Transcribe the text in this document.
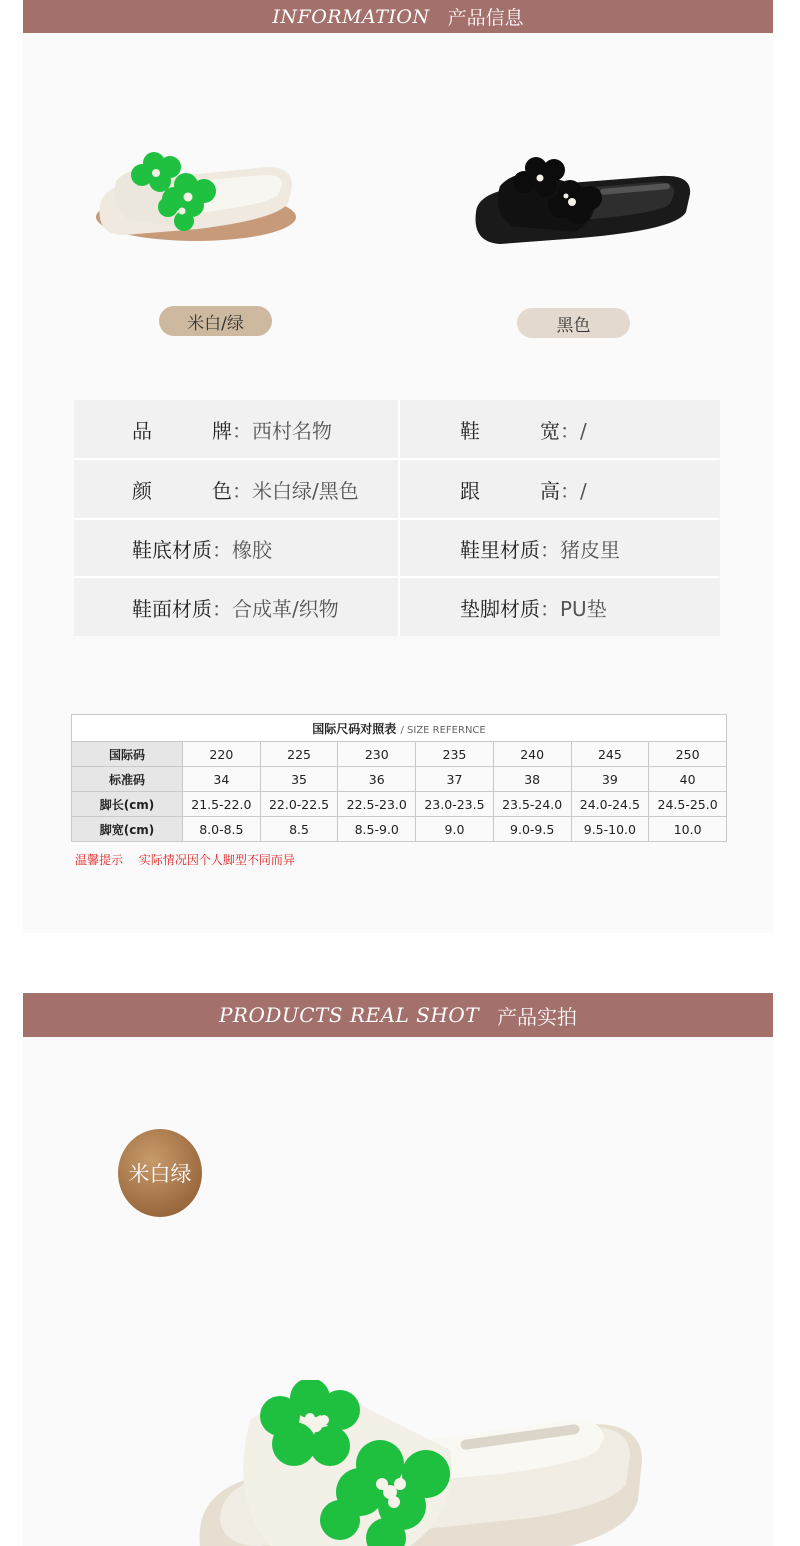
INFORMATION 产品信息
米白/绿	黑色
品	牌 ：西村名物	鞋	宽 ：/
颜	色 ：米白绿/黑色	跟	高 ：/
鞋底材质 ：橡胶	鞋里材质 ：猪皮里
鞋面材质 ：合成革/织物	垫脚材质 ：PU垫
国际尺码对照表 / SIZE REFERNCE							
国际码	220	225	230	235	240	245	250
标准码	34	35	36	37	38	39	40
脚长(cm)	21.5-22.0	22.0-22.5	22.5-23.0	23.0-23.5	23.5-24.0	24.0-24.5	24.5-25.0
脚宽(cm)	8.0-8.5	8.5	8.5-9.0	9.0	9.0-9.5	9.5-10.0	10.0
温馨提示 实际情况因个人脚型不同而异
PRODUCTS REAL SHOT 产品实拍
米白绿
